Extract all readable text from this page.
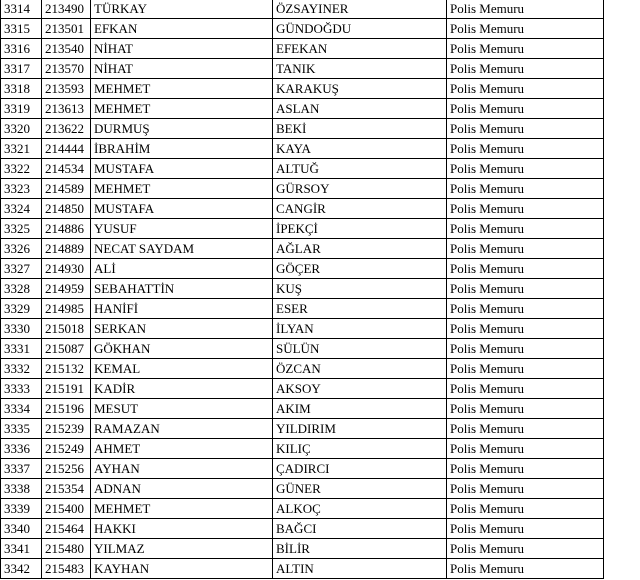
3314	213490	TÜRKAY	ÖZSAYINER	Polis Memuru
3315	213501	EFKAN	GÜNDOĞDU	Polis Memuru
3316	213540	NİHAT	EFEKAN	Polis Memuru
3317	213570	NİHAT	TANIK	Polis Memuru
3318	213593	MEHMET	KARAKUŞ	Polis Memuru
3319	213613	MEHMET	ASLAN	Polis Memuru
3320	213622	DURMUŞ	BEKİ	Polis Memuru
3321	214444	İBRAHİM	KAYA	Polis Memuru
3322	214534	MUSTAFA	ALTUĞ	Polis Memuru
3323	214589	MEHMET	GÜRSOY	Polis Memuru
3324	214850	MUSTAFA	CANGİR	Polis Memuru
3325	214886	YUSUF	İPEKÇİ	Polis Memuru
3326	214889	NECAT SAYDAM	AĞLAR	Polis Memuru
3327	214930	ALİ	GÖÇER	Polis Memuru
3328	214959	SEBAHATTİN	KUŞ	Polis Memuru
3329	214985	HANİFİ	ESER	Polis Memuru
3330	215018	SERKAN	İLYAN	Polis Memuru
3331	215087	GÖKHAN	SÜLÜN	Polis Memuru
3332	215132	KEMAL	ÖZCAN	Polis Memuru
3333	215191	KADİR	AKSOY	Polis Memuru
3334	215196	MESUT	AKIM	Polis Memuru
3335	215239	RAMAZAN	YILDIRIM	Polis Memuru
3336	215249	AHMET	KILIÇ	Polis Memuru
3337	215256	AYHAN	ÇADIRCI	Polis Memuru
3338	215354	ADNAN	GÜNER	Polis Memuru
3339	215400	MEHMET	ALKOÇ	Polis Memuru
3340	215464	HAKKI	BAĞCI	Polis Memuru
3341	215480	YILMAZ	BİLİR	Polis Memuru
3342	215483	KAYHAN	ALTIN	Polis Memuru
